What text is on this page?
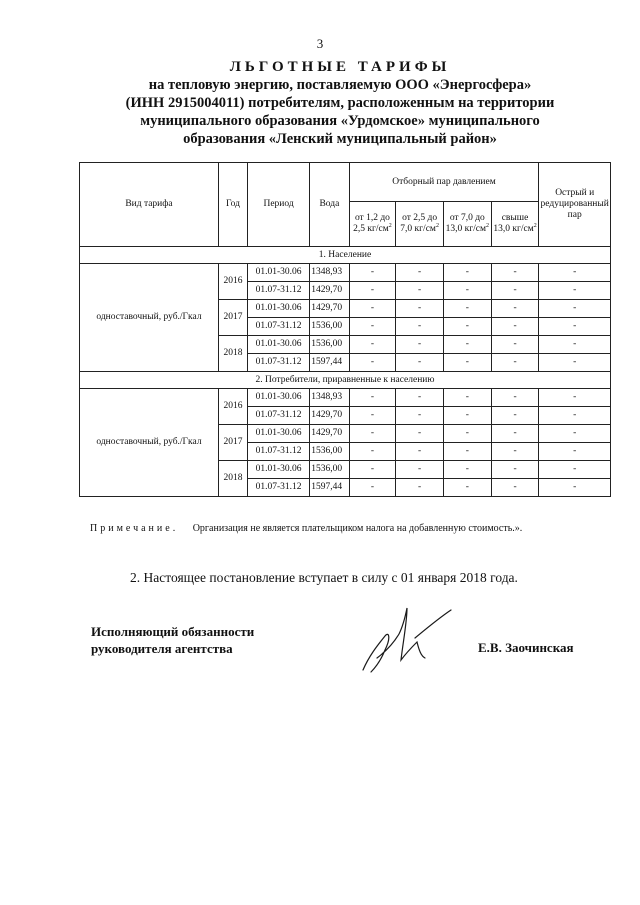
3
ЛЬГОТНЫЕ ТАРИФЫ
на тепловую энергию, поставляемую ООО «Энергосфера»
(ИНН 2915004011) потребителям, расположенным на территории
муниципального образования «Урдомское» муниципального
образования «Ленский муниципальный район»
Вид тарифа	Год	Период	Вода	Отборный пар давлением				Острый и редуцированный пар
				от 1,2 до 2,5 $кг/см^2$	от 2,5 до 7,0 $кг/см^2$	от 7,0 до 13,0 $кг/см^2$	свыше 13,0 $кг/см^2$
1. Население								
одноставочный, руб./Гкал	2016	01.01-30.06	1348,93	-	-	-	-	-
		01.07-31.12	1429,70	-	-	-	-	-
	2017	01.01-30.06	1429,70	-	-	-	-	-
		01.07-31.12	1536,00	-	-	-	-	-
	2018	01.01-30.06	1536,00	-	-	-	-	-
		01.07-31.12	1597,44	-	-	-	-	-
2. Потребители, приравненные к населению								
одноставочный, руб./Гкал	2016	01.01-30.06	1348,93	-	-	-	-	-
		01.07-31.12	1429,70	-	-	-	-	-
	2017	01.01-30.06	1429,70	-	-	-	-	-
		01.07-31.12	1536,00	-	-	-	-	-
	2018	01.01-30.06	1536,00	-	-	-	-	-
		01.07-31.12	1597,44	-	-	-	-	-
Примечание. Организация не является плательщиком налога на добавленную стоимость.».
2. Настоящее постановление вступает в силу с 01 января 2018 года.
Исполняющий обязанности
руководителя агентства	Е.В. Заочинская
